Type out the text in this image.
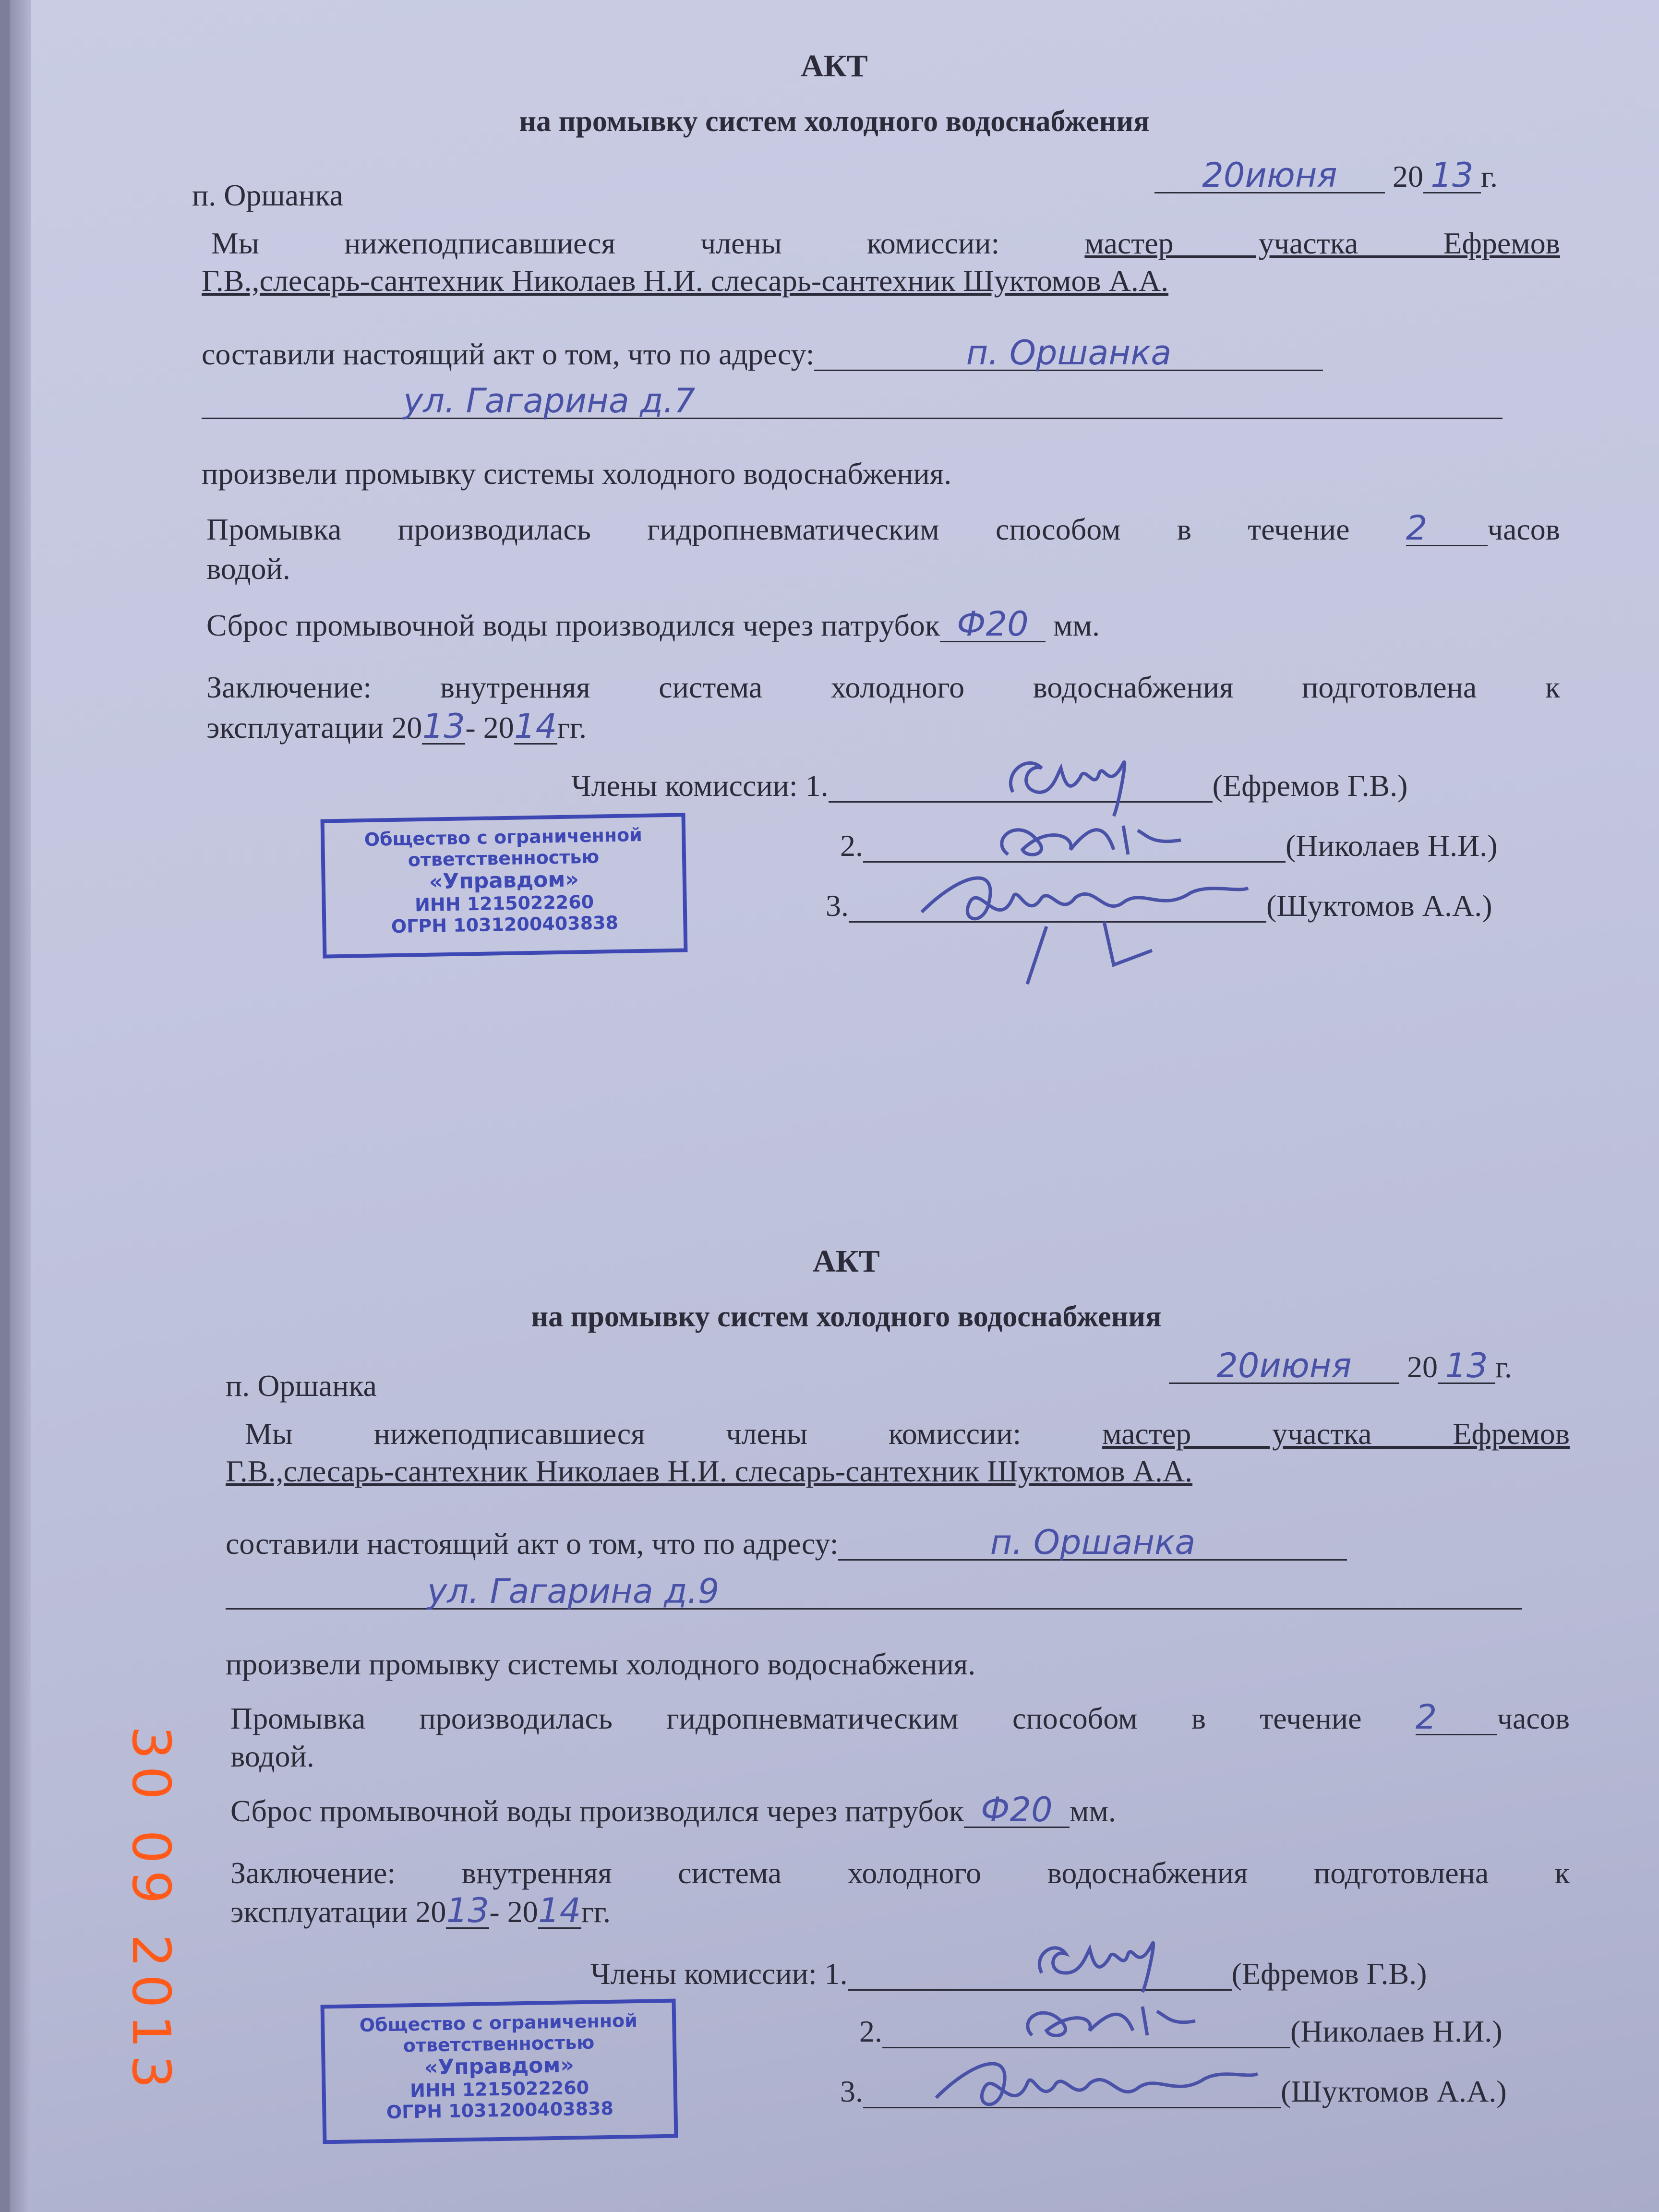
АКТ
на промывку систем холодного водоснабжения
п. Оршанка
20июня 20 13 г.
Мы нижеподписавшиеся члены комиссии:	мастер участка Ефремов
Г.В.,слесарь-сантехник Николаев Н.И. слесарь-сантехник Шуктомов А.А.
составили настоящий акт о том, что по адресу:	п. Оршанка
ул. Гагарина д.7
произвели промывку системы холодного водоснабжения.
Промывка производилась гидропневматическим способом в течение 2 часов
водой.
Сброс промывочной воды производился через патрубок Ф20 мм.
Заключение: внутренняя система холодного водоснабжения подготовлена к
эксплуатации 2013- 2014гг.
Члены комиссии: 1.	(Ефремов Г.В.)
2.	(Николаев Н.И.)
3.	(Шуктомов А.А.)
Общество с ограниченной
ответственностью
«Управдом»
ИНН 1215022260
ОГРН 1031200403838
АКТ
на промывку систем холодного водоснабжения
п. Оршанка
20июня 20 13 г.
Мы нижеподписавшиеся члены комиссии:	мастер участка Ефремов
Г.В.,слесарь-сантехник Николаев Н.И. слесарь-сантехник Шуктомов А.А.
составили настоящий акт о том, что по адресу:	п. Оршанка
ул. Гагарина д.9
произвели промывку системы холодного водоснабжения.
Промывка производилась гидропневматическим способом в течение 2 часов
водой.
Сброс промывочной воды производился через патрубок Ф20 мм.
Заключение: внутренняя система холодного водоснабжения подготовлена к
эксплуатации 2013- 2014гг.
Члены комиссии: 1.	(Ефремов Г.В.)
2.	(Николаев Н.И.)
3.	(Шуктомов А.А.)
Общество с ограниченной
ответственностью
«Управдом»
ИНН 1215022260
ОГРН 1031200403838
30 09 2013
